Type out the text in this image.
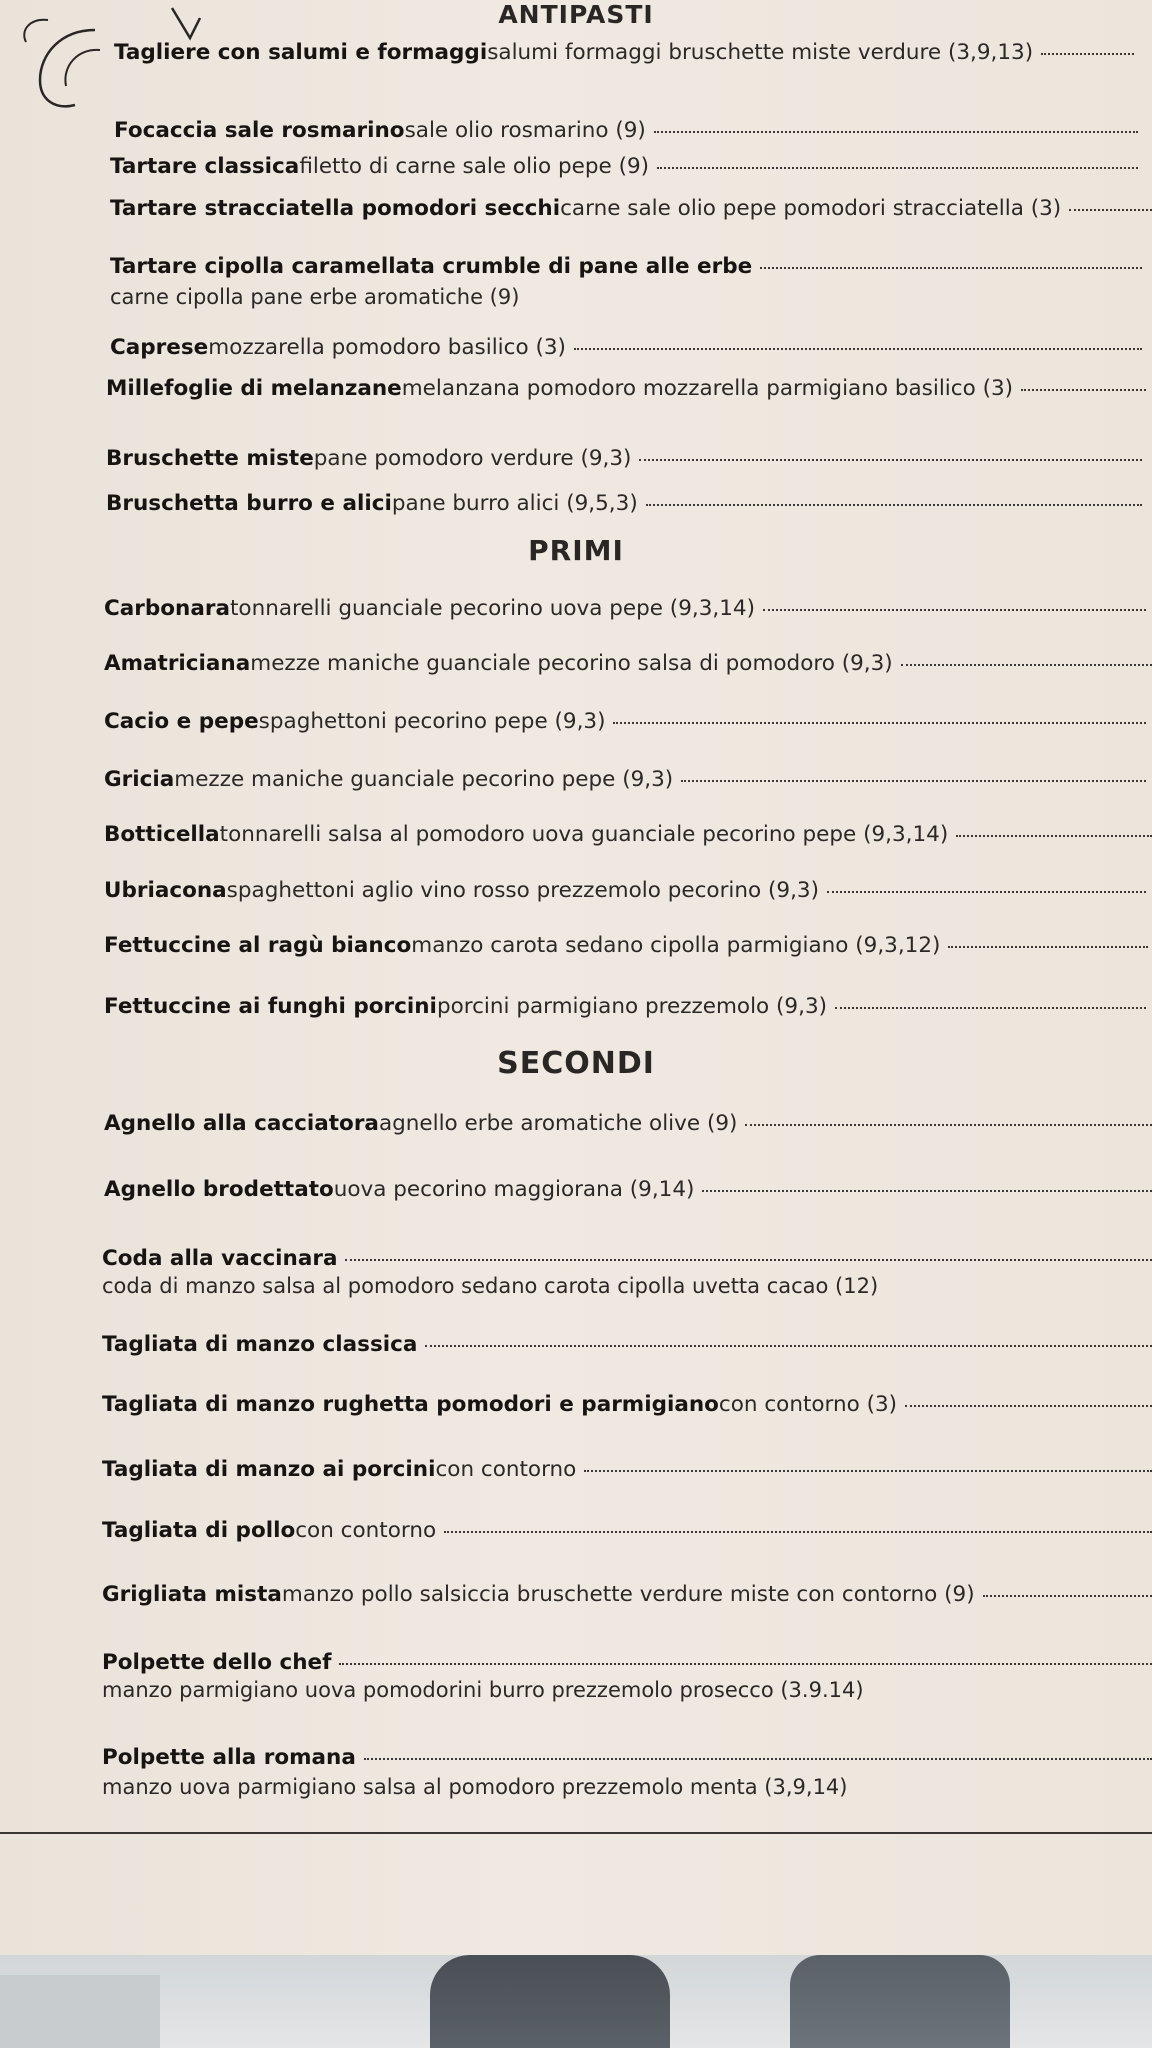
ANTIPASTI
Tagliere con salumi e formaggi salumi formaggi bruschette miste verdure (3,9,13)
Focaccia sale rosmarino sale olio rosmarino (9)
Tartare classica filetto di carne sale olio pepe (9)
Tartare stracciatella pomodori secchi carne sale olio pepe pomodori stracciatella (3)
Tartare cipolla caramellata crumble di pane alle erbe
carne cipolla pane erbe aromatiche (9)
Caprese mozzarella pomodoro basilico (3)
Millefoglie di melanzane melanzana pomodoro mozzarella parmigiano basilico (3)
Bruschette miste pane pomodoro verdure (9,3)
Bruschetta burro e alici pane burro alici (9,5,3)
PRIMI
Carbonara tonnarelli guanciale pecorino uova pepe (9,3,14)
Amatriciana mezze maniche guanciale pecorino salsa di pomodoro (9,3)
Cacio e pepe spaghettoni pecorino pepe (9,3)
Gricia mezze maniche guanciale pecorino pepe (9,3)
Botticella tonnarelli salsa al pomodoro uova guanciale pecorino pepe (9,3,14)
Ubriacona spaghettoni aglio vino rosso prezzemolo pecorino (9,3)
Fettuccine al ragù bianco manzo carota sedano cipolla parmigiano (9,3,12)
Fettuccine ai funghi porcini porcini parmigiano prezzemolo (9,3)
SECONDI
Agnello alla cacciatora agnello erbe aromatiche olive (9)
Agnello brodettato uova pecorino maggiorana (9,14)
Coda alla vaccinara
coda di manzo salsa al pomodoro sedano carota cipolla uvetta cacao (12)
Tagliata di manzo classica
Tagliata di manzo rughetta pomodori e parmigiano con contorno (3)
Tagliata di manzo ai porcini con contorno
Tagliata di pollo con contorno
Grigliata mista manzo pollo salsiccia bruschette verdure miste con contorno (9)
Polpette dello chef
manzo parmigiano uova pomodorini burro prezzemolo prosecco (3.9.14)
Polpette alla romana
manzo uova parmigiano salsa al pomodoro prezzemolo menta (3,9,14)
